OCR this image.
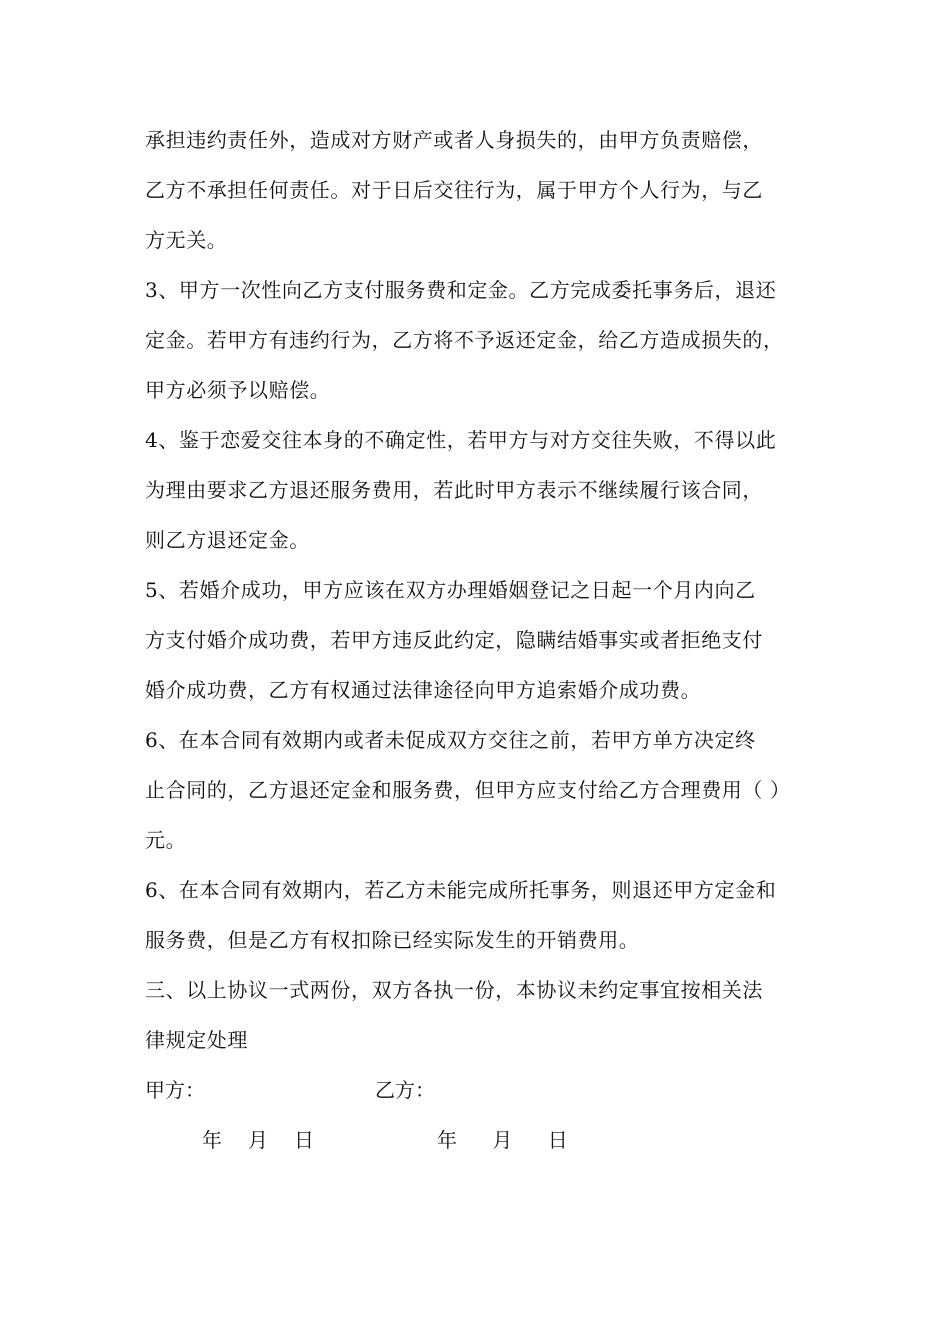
承担违约责任外，造成对方财产或者人身损失的，由甲方负责赔偿，
乙方不承担任何责任。对于日后交往行为，属于甲方个人行为，与乙
方无关。
3、甲方一次性向乙方支付服务费和定金。乙方完成委托事务后，退还
定金。若甲方有违约行为，乙方将不予返还定金，给乙方造成损失的，
甲方必须予以赔偿。
4、鉴于恋爱交往本身的不确定性，若甲方与对方交往失败，不得以此
为理由要求乙方退还服务费用，若此时甲方表示不继续履行该合同，
则乙方退还定金。
5、若婚介成功，甲方应该在双方办理婚姻登记之日起一个月内向乙
方支付婚介成功费，若甲方违反此约定，隐瞒结婚事实或者拒绝支付
婚介成功费，乙方有权通过法律途径向甲方追索婚介成功费。
6、在本合同有效期内或者未促成双方交往之前，若甲方单方决定终
止合同的，乙方退还定金和服务费，但甲方应支付给乙方合理费用（ ）
元。
6、在本合同有效期内，若乙方未能完成所托事务，则退还甲方定金和
服务费，但是乙方有权扣除已经实际发生的开销费用。
三、以上协议一式两份，双方各执一份，本协议未约定事宜按相关法
律规定处理
甲方：	乙方：
年　月　日	年　 月　 日
